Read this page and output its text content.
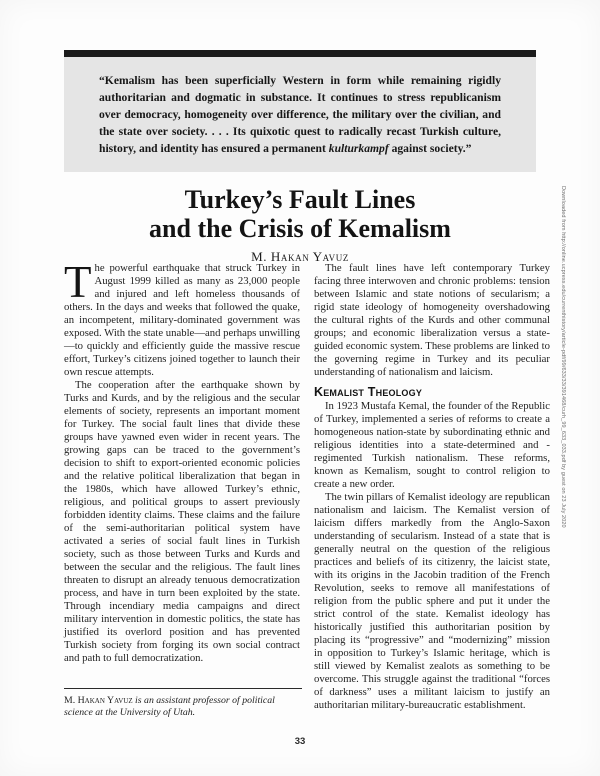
“Kemalism has been superficially Western in form while remaining rigidly authoritarian and dogmatic in substance. It continues to stress republicanism over democracy, homogeneity over difference, the military over the civilian, and the state over society. . . . Its quixotic quest to radically recast Turkish culture, history, and identity has ensured a permanent kulturkampf against society.”
Turkey’s Fault Lines
and the Crisis of Kemalism
M. Hakan Yavuz

The powerful earthquake that struck Turkey in August 1999 killed as many as 23,000 people and injured and left homeless thousands of others. In the days and weeks that followed the quake, an incompetent, military-dominated government was exposed. With the state unable—and perhaps unwilling—to quickly and efficiently guide the massive rescue effort, Turkey’s citizens joined together to launch their own rescue attempts.

The cooperation after the earthquake shown by Turks and Kurds, and by the religious and the secular elements of society, represents an important moment for Turkey. The social fault lines that divide these groups have yawned even wider in recent years. The growing gaps can be traced to the government’s decision to shift to export-oriented economic policies and the relative political liberalization that began in the 1980s, which have allowed Turkey’s ethnic, religious, and political groups to assert previously forbidden identity claims. These claims and the failure of the semi-authoritarian political system have activated a series of social fault lines in Turkish society, such as those between Turks and Kurds and between the secular and the religious. The fault lines threaten to disrupt an already tenuous democratization process, and have in turn been exploited by the state. Through incendiary media campaigns and direct military intervention in domestic politics, the state has justified its overlord position and has prevented Turkish society from forging its own social contract and path to full democratization.

The fault lines have left contemporary Turkey facing three interwoven and chronic problems: tension between Islamic and state notions of secularism; a rigid state ideology of homogeneity overshadowing the cultural rights of the Kurds and other communal groups; and economic liberalization versus a state-guided economic system. These problems are linked to the governing regime in Turkey and its peculiar understanding of nationalism and laicism.

Kemalist Theology

In 1923 Mustafa Kemal, the founder of the Republic of Turkey, implemented a series of reforms to create a homogeneous nation-state by subordinating ethnic and religious identities into a state-determined and -regimented Turkish nationalism. These reforms, known as Kemalism, sought to control religion to create a new order.

The twin pillars of Kemalist ideology are republican nationalism and laicism. The Kemalist version of laicism differs markedly from the Anglo-Saxon understanding of secularism. Instead of a state that is generally neutral on the question of the religious practices and beliefs of its citizenry, the laicist state, with its origins in the Jacobin tradition of the French Revolution, seeks to remove all manifestations of religion from the public sphere and put it under the strict control of the state. Kemalist ideology has historically justified this authoritarian position by placing its “progressive” and “modernizing” mission in opposition to Turkey’s Islamic heritage, which is still viewed by Kemalist zealots as something to be overcome. This struggle against the traditional “forces of darkness” uses a militant laicism to justify an authoritarian military-bureaucratic establishment.

M. Hakan Yavuz is an assistant professor of political science at the University of Utah.
33
Downloaded from http://online.ucpress.edu/currenthistory/article-pdf/99/633/33/391468/curh_99_633_033.pdf by guest on 23 July 2020
